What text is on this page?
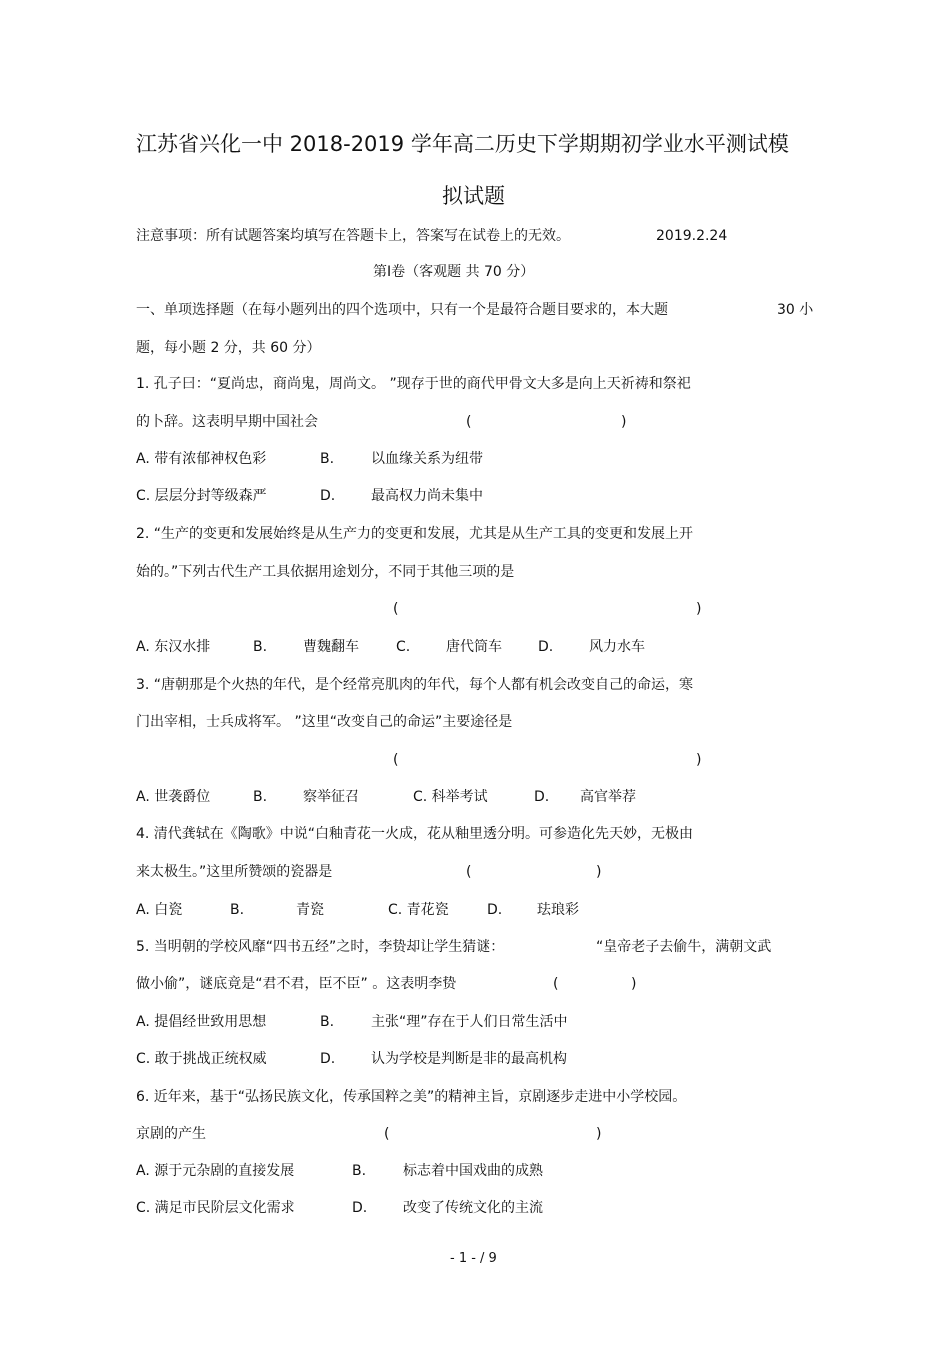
江苏省兴化一中 2018-2019 学年高二历史下学期期初学业水平测试模
拟试题
注意事项：所有试题答案均填写在答题卡上，答案写在试卷上的无效。	2019.2.24
第Ⅰ卷（客观题 共 70 分）
一、单项选择题（在每小题列出的四个选项中，只有一个是最符合题目要求的，本大题	30 小
题，每小题 2 分，共 60 分）
1. 孔子曰：“夏尚忠，商尚鬼，周尚文。 ”现存于世的商代甲骨文大多是向上天祈祷和祭祀
的卜辞。这表明早期中国社会	(	)
A. 带有浓郁神权色彩	B.	以血缘关系为纽带
C. 层层分封等级森严	D.	最高权力尚未集中
2. “生产的变更和发展始终是从生产力的变更和发展，尤其是从生产工具的变更和发展上开
始的。”下列古代生产工具依据用途划分，不同于其他三项的是
(	)
A. 东汉水排	B.	曹魏翻车	C.	唐代筒车	D.	风力水车
3. “唐朝那是个火热的年代，是个经常亮肌肉的年代，每个人都有机会改变自己的命运，寒
门出宰相，士兵成将军。 ”这里“改变自己的命运”主要途径是
(	)
A. 世袭爵位	B.	察举征召	C. 科举考试	D. 高官举荐
4. 清代龚轼在《陶歌》中说“白釉青花一火成，花从釉里透分明。可参造化先天妙，无极由
来太极生。”这里所赞颂的瓷器是	(	)
A. 白瓷	B.	青瓷	C. 青花瓷	D. 珐琅彩
5. 当明朝的学校风靡“四书五经”之时，李贽却让学生猜谜：	“皇帝老子去偷牛，满朝文武
做小偷”，谜底竟是“君不君，臣不臣” 。这表明李贽	(	)
A. 提倡经世致用思想	B.	主张“理”存在于人们日常生活中
C. 敢于挑战正统权威	D.	认为学校是判断是非的最高机构
6. 近年来，基于“弘扬民族文化，传承国粹之美”的精神主旨，京剧逐步走进中小学校园。
京剧的产生	(	)
A. 源于元杂剧的直接发展	B.	标志着中国戏曲的成熟
C. 满足市民阶层文化需求	D.	改变了传统文化的主流
- 1 - / 9
